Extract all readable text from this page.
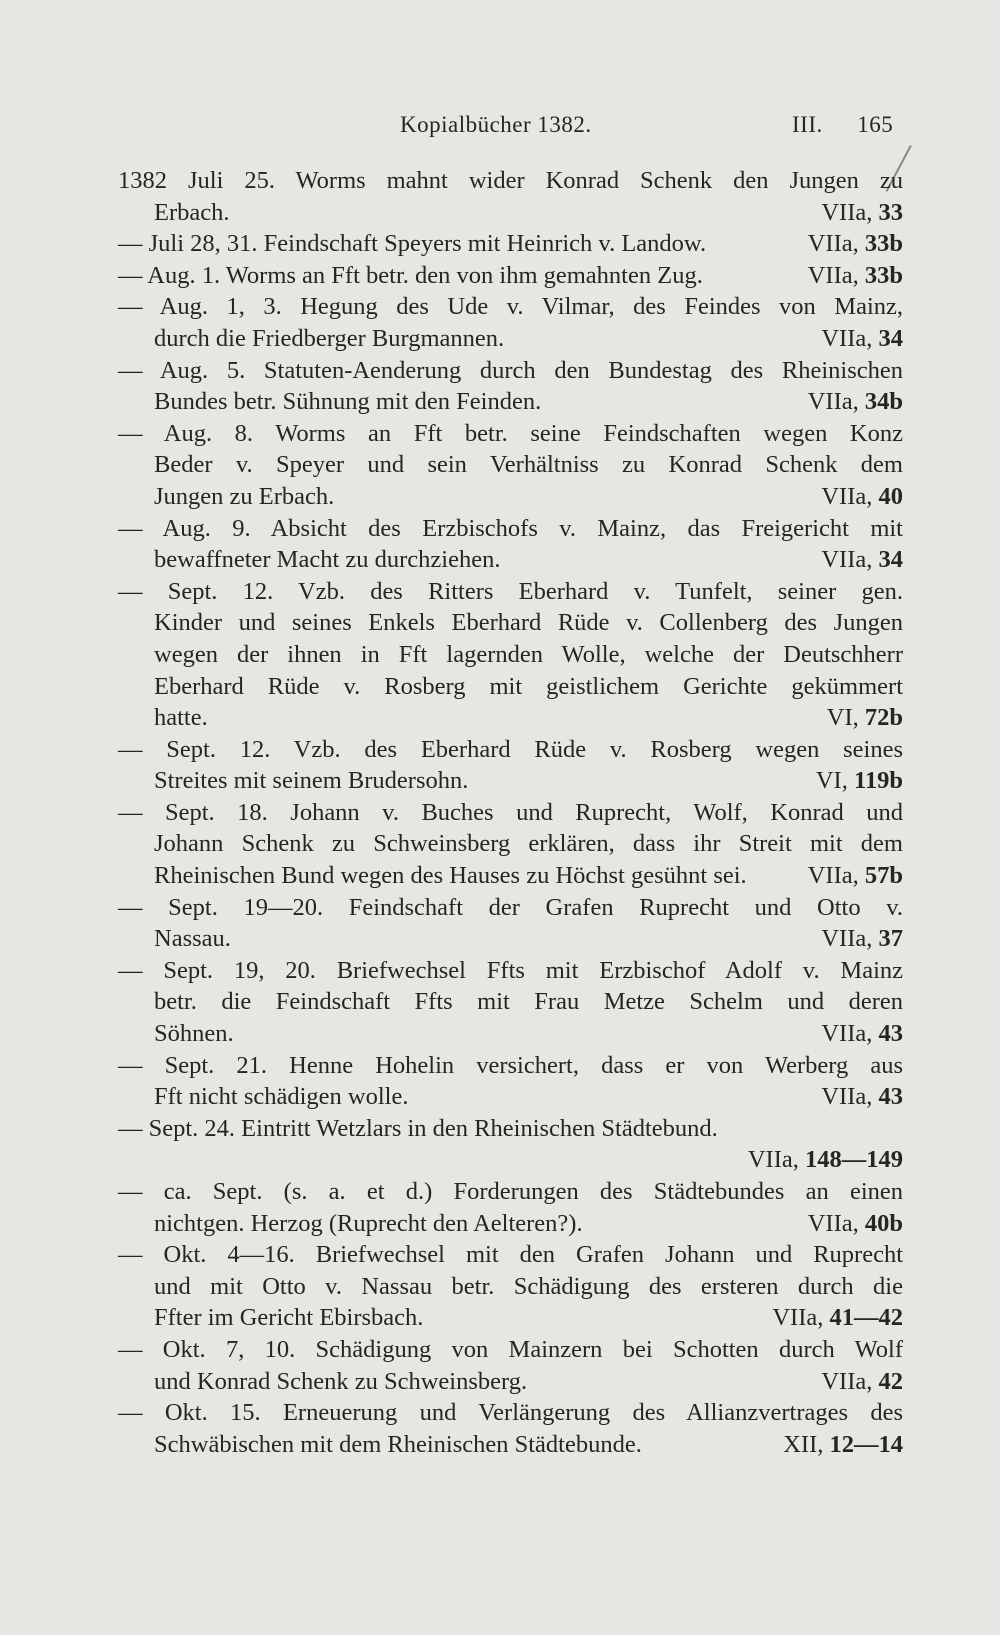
Kopialbücher 1382.	III. 165
1382 Juli 25. Worms mahnt wider Konrad Schenk den Jungen zu
Erbach.	VIIa, 33
— Juli 28, 31. Feindschaft Speyers mit Heinrich v. Landow.	VIIa, 33b
— Aug. 1. Worms an Fft betr. den von ihm gemahnten Zug.	VIIa, 33b
— Aug. 1, 3. Hegung des Ude v. Vilmar, des Feindes von Mainz,
durch die Friedberger Burgmannen.	VIIa, 34
— Aug. 5. Statuten-Aenderung durch den Bundestag des Rheinischen
Bundes betr. Sühnung mit den Feinden.	VIIa, 34b
— Aug. 8. Worms an Fft betr. seine Feindschaften wegen Konz
Beder v. Speyer und sein Verhältniss zu Konrad Schenk dem
Jungen zu Erbach.	VIIa, 40
— Aug. 9. Absicht des Erzbischofs v. Mainz, das Freigericht mit
bewaffneter Macht zu durchziehen.	VIIa, 34
— Sept. 12. Vzb. des Ritters Eberhard v. Tunfelt, seiner gen.
Kinder und seines Enkels Eberhard Rüde v. Collenberg des Jungen
wegen der ihnen in Fft lagernden Wolle, welche der Deutschherr
Eberhard Rüde v. Rosberg mit geistlichem Gerichte gekümmert
hatte.	VI, 72b
— Sept. 12. Vzb. des Eberhard Rüde v. Rosberg wegen seines
Streites mit seinem Brudersohn.	VI, 119b
— Sept. 18. Johann v. Buches und Ruprecht, Wolf, Konrad und
Johann Schenk zu Schweinsberg erklären, dass ihr Streit mit dem
Rheinischen Bund wegen des Hauses zu Höchst gesühnt sei. VIIa, 57b
— Sept. 19—20. Feindschaft der Grafen Ruprecht und Otto v.
Nassau.	VIIa, 37
— Sept. 19, 20. Briefwechsel Ffts mit Erzbischof Adolf v. Mainz
betr. die Feindschaft Ffts mit Frau Metze Schelm und deren
Söhnen.	VIIa, 43
— Sept. 21. Henne Hohelin versichert, dass er von Werberg aus
Fft nicht schädigen wolle.	VIIa, 43
— Sept. 24. Eintritt Wetzlars in den Rheinischen Städtebund.
VIIa, 148—149
— ca. Sept. (s. a. et d.) Forderungen des Städtebundes an einen
nichtgen. Herzog (Ruprecht den Aelteren?).	VIIa, 40b
— Okt. 4—16. Briefwechsel mit den Grafen Johann und Ruprecht
und mit Otto v. Nassau betr. Schädigung des ersteren durch die
Ffter im Gericht Ebirsbach.	VIIa, 41—42
— Okt. 7, 10. Schädigung von Mainzern bei Schotten durch Wolf
und Konrad Schenk zu Schweinsberg.	VIIa, 42
— Okt. 15. Erneuerung und Verlängerung des Allianzvertrages des
Schwäbischen mit dem Rheinischen Städtebunde.	XII, 12—14
